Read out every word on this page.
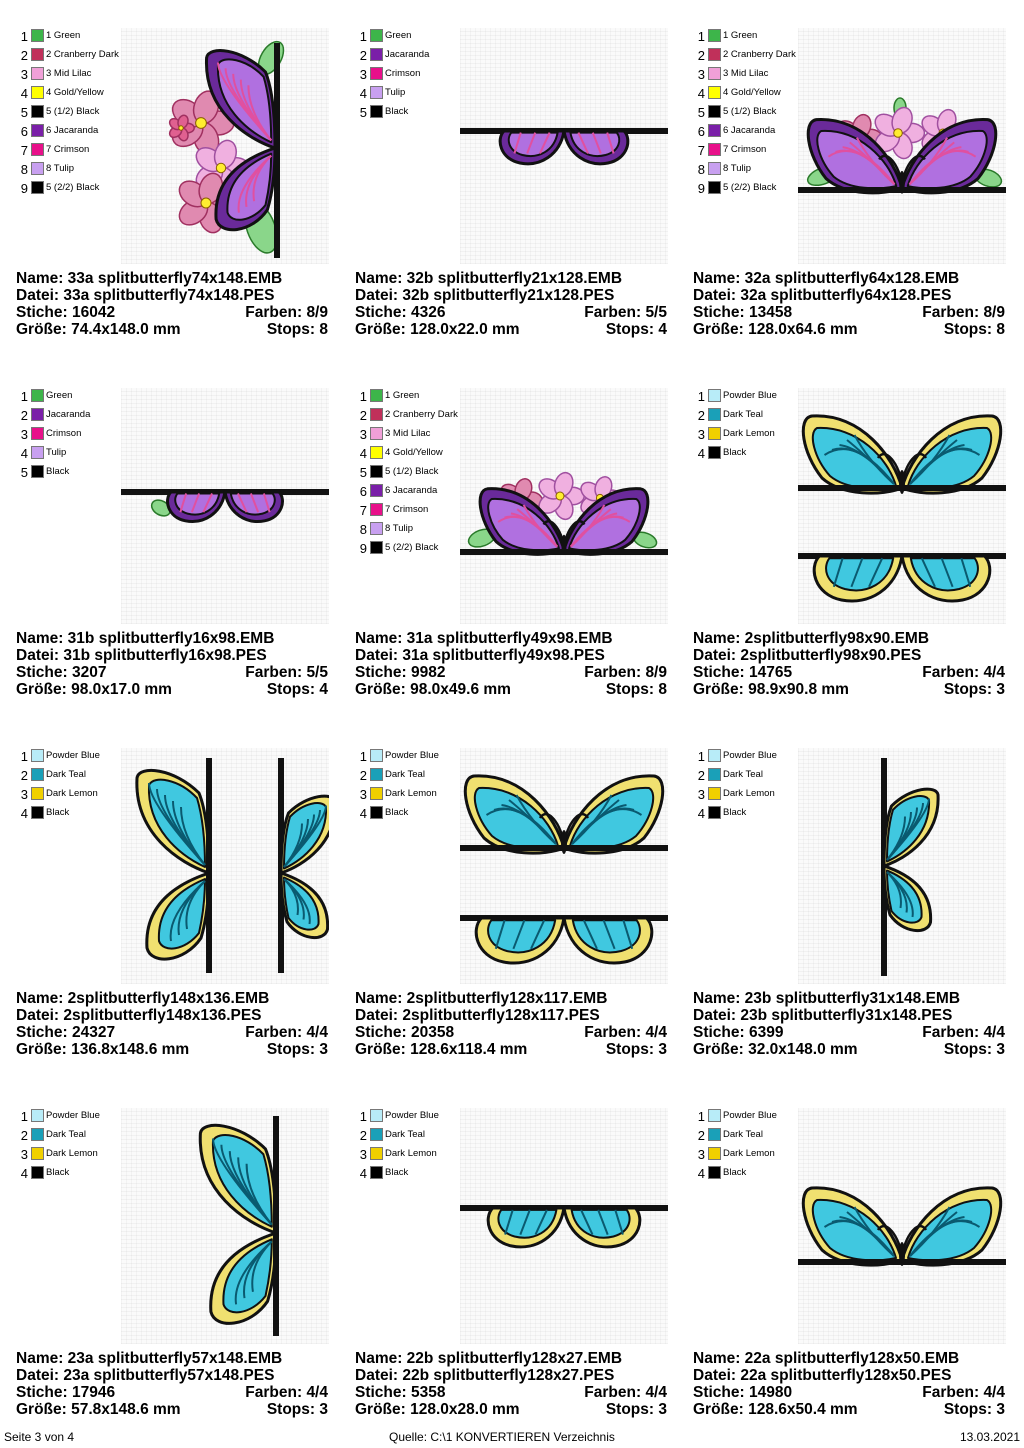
1 1 Green
2 2 Cranberry Dark
3 3 Mid Lilac
4 4 Gold/Yellow
5 5 (1/2) Black
6 6 Jacaranda
7 7 Crimson
8 8 Tulip
9 5 (2/2) Black
Name: 33a splitbutterfly74x148.EMB
Datei: 33a splitbutterfly74x148.PES
Stiche: 16042	Farben: 8/9
Größe: 74.4x148.0 mm	Stops: 8
1 Green
2 Jacaranda
3 Crimson
4 Tulip
5 Black
Name: 32b splitbutterfly21x128.EMB
Datei: 32b splitbutterfly21x128.PES
Stiche: 4326	Farben: 5/5
Größe: 128.0x22.0 mm	Stops: 4
1 1 Green
2 2 Cranberry Dark
3 3 Mid Lilac
4 4 Gold/Yellow
5 5 (1/2) Black
6 6 Jacaranda
7 7 Crimson
8 8 Tulip
9 5 (2/2) Black
Name: 32a splitbutterfly64x128.EMB
Datei: 32a splitbutterfly64x128.PES
Stiche: 13458	Farben: 8/9
Größe: 128.0x64.6 mm	Stops: 8
1 Green
2 Jacaranda
3 Crimson
4 Tulip
5 Black
Name: 31b splitbutterfly16x98.EMB
Datei: 31b splitbutterfly16x98.PES
Stiche: 3207	Farben: 5/5
Größe: 98.0x17.0 mm	Stops: 4
1 1 Green
2 2 Cranberry Dark
3 3 Mid Lilac
4 4 Gold/Yellow
5 5 (1/2) Black
6 6 Jacaranda
7 7 Crimson
8 8 Tulip
9 5 (2/2) Black
Name: 31a splitbutterfly49x98.EMB
Datei: 31a splitbutterfly49x98.PES
Stiche: 9982	Farben: 8/9
Größe: 98.0x49.6 mm	Stops: 8
1 Powder Blue
2 Dark Teal
3 Dark Lemon
4 Black
Name: 2splitbutterfly98x90.EMB
Datei: 2splitbutterfly98x90.PES
Stiche: 14765	Farben: 4/4
Größe: 98.9x90.8 mm	Stops: 3
1 Powder Blue
2 Dark Teal
3 Dark Lemon
4 Black
Name: 2splitbutterfly148x136.EMB
Datei: 2splitbutterfly148x136.PES
Stiche: 24327	Farben: 4/4
Größe: 136.8x148.6 mm	Stops: 3
1 Powder Blue
2 Dark Teal
3 Dark Lemon
4 Black
Name: 2splitbutterfly128x117.EMB
Datei: 2splitbutterfly128x117.PES
Stiche: 20358	Farben: 4/4
Größe: 128.6x118.4 mm	Stops: 3
1 Powder Blue
2 Dark Teal
3 Dark Lemon
4 Black
Name: 23b splitbutterfly31x148.EMB
Datei: 23b splitbutterfly31x148.PES
Stiche: 6399	Farben: 4/4
Größe: 32.0x148.0 mm	Stops: 3
1 Powder Blue
2 Dark Teal
3 Dark Lemon
4 Black
Name: 23a splitbutterfly57x148.EMB
Datei: 23a splitbutterfly57x148.PES
Stiche: 17946	Farben: 4/4
Größe: 57.8x148.6 mm	Stops: 3
1 Powder Blue
2 Dark Teal
3 Dark Lemon
4 Black
Name: 22b splitbutterfly128x27.EMB
Datei: 22b splitbutterfly128x27.PES
Stiche: 5358	Farben: 4/4
Größe: 128.0x28.0 mm	Stops: 3
1 Powder Blue
2 Dark Teal
3 Dark Lemon
4 Black
Name: 22a splitbutterfly128x50.EMB
Datei: 22a splitbutterfly128x50.PES
Stiche: 14980	Farben: 4/4
Größe: 128.6x50.4 mm	Stops: 3
Seite 3 von 4	Quelle: C:\1 KONVERTIEREN Verzeichnis	13.03.2021
